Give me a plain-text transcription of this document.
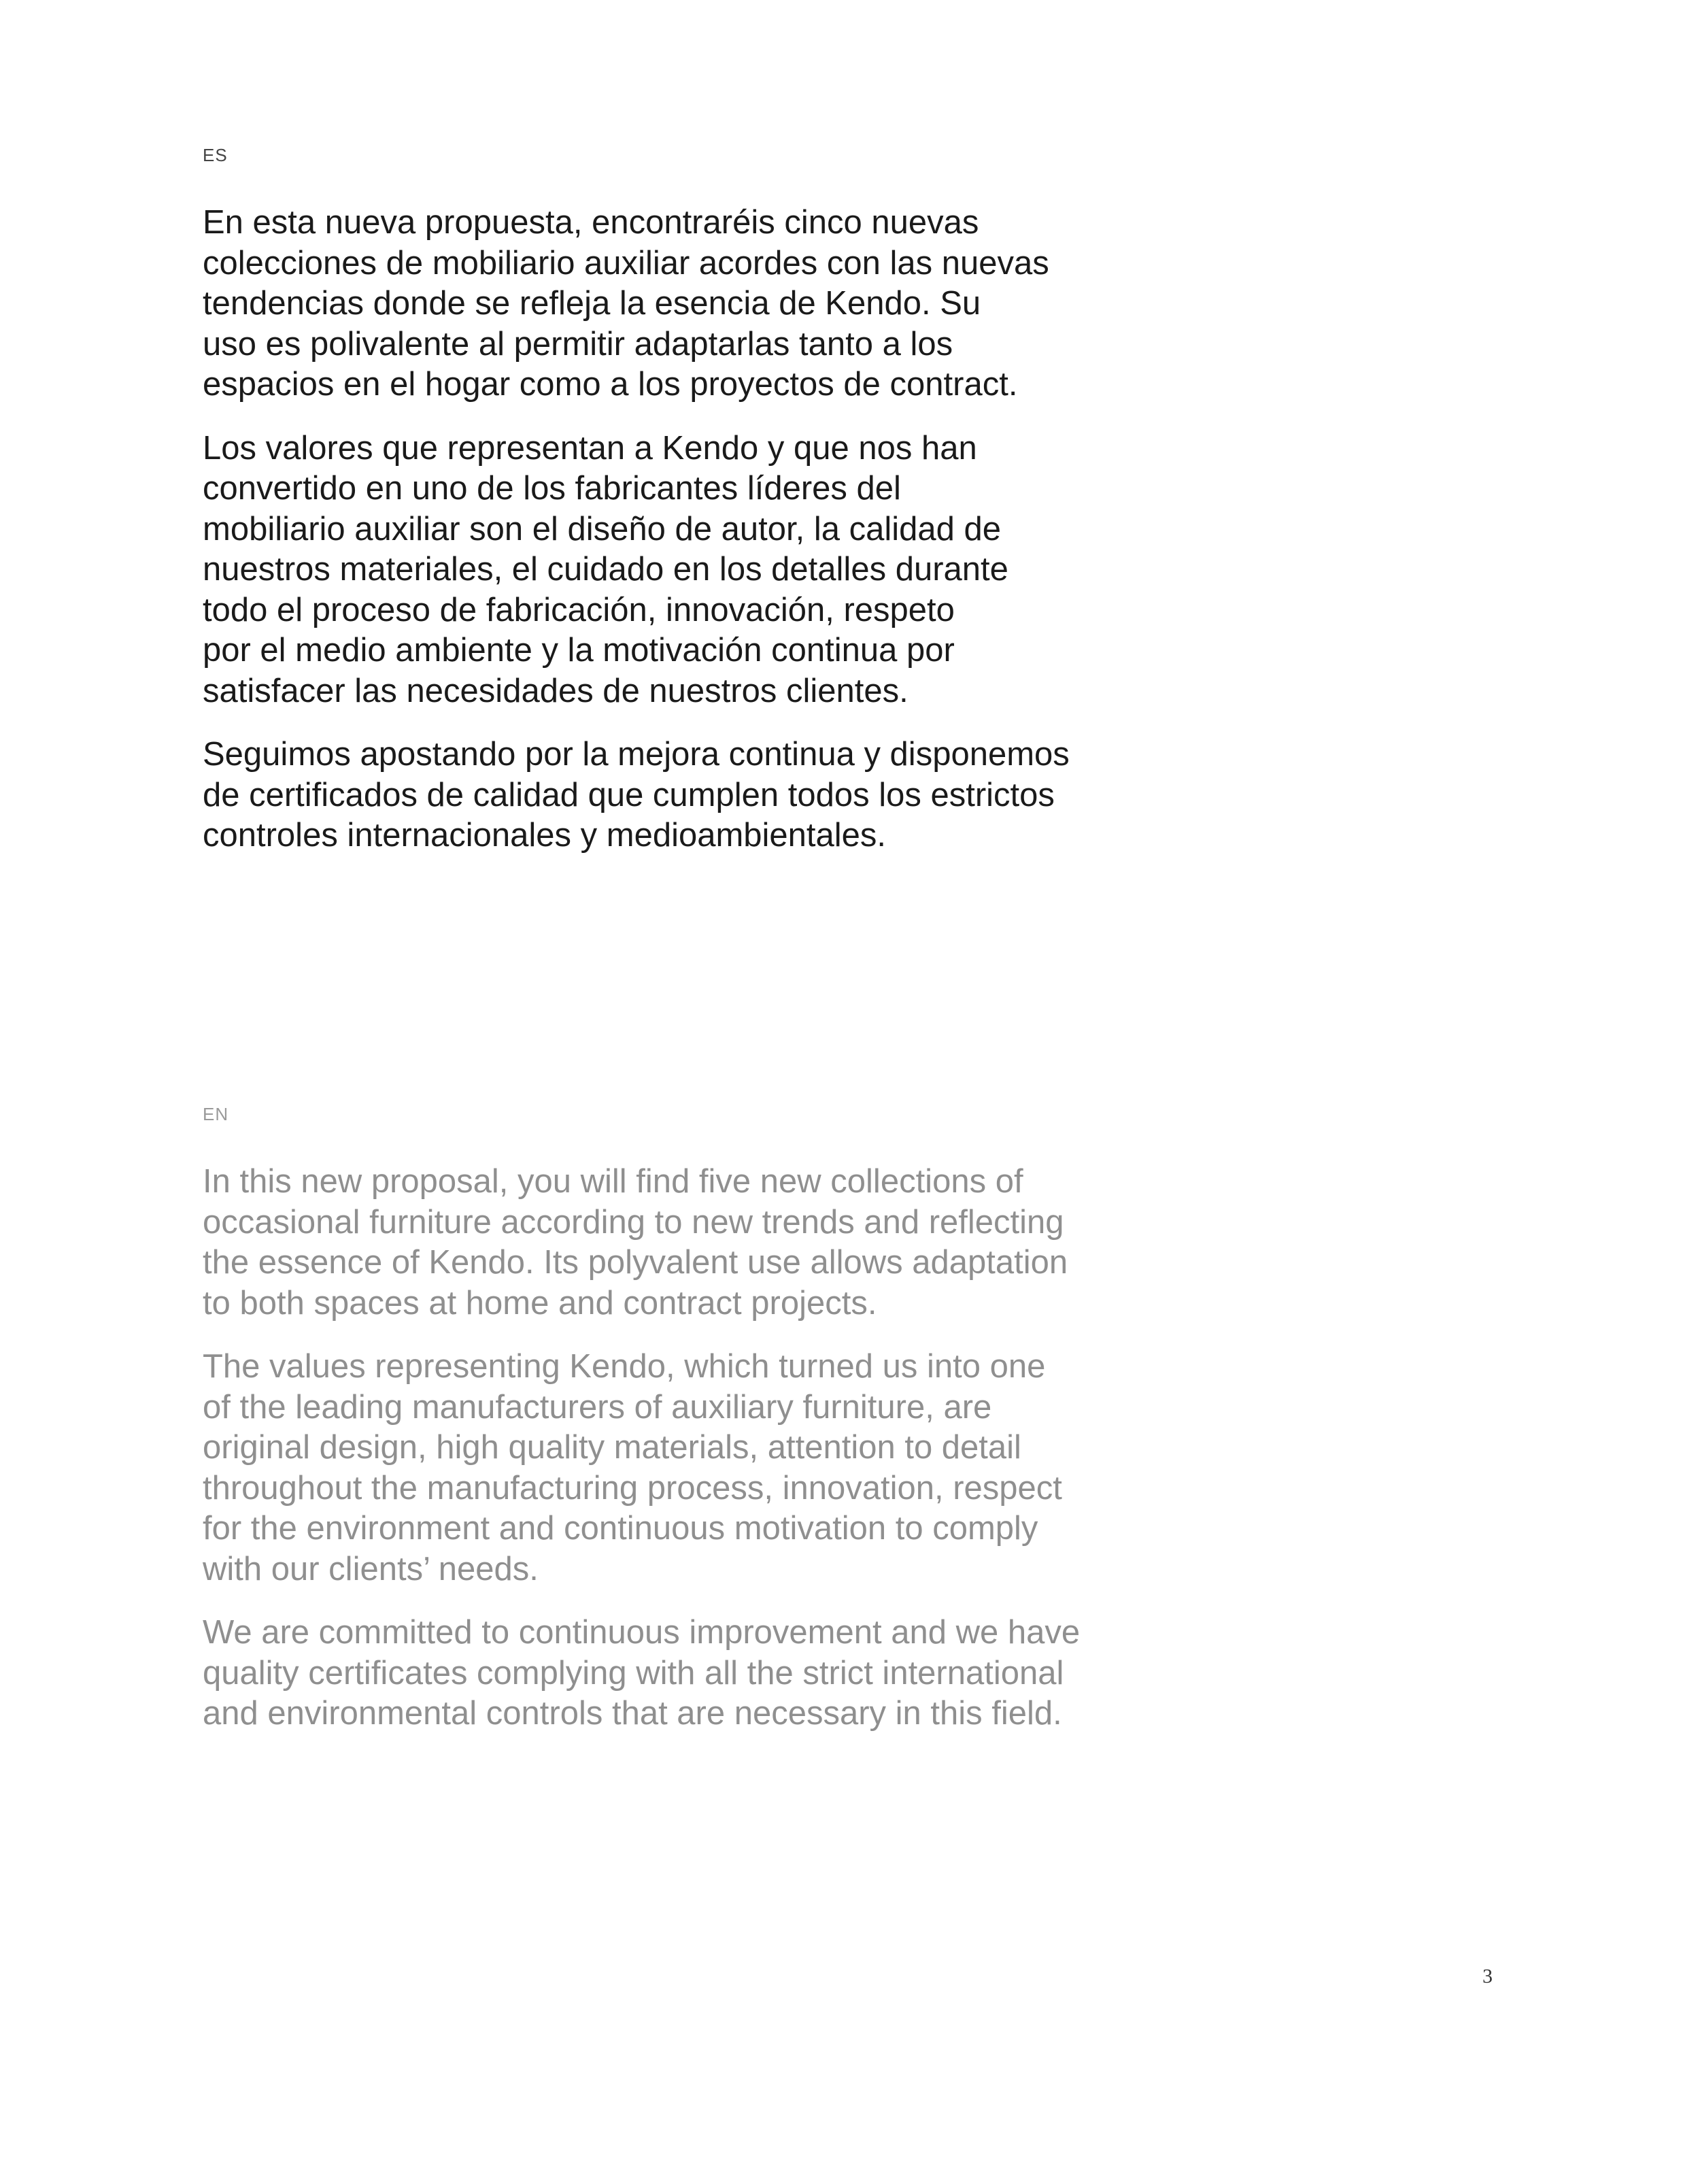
ES

En esta nueva propuesta, encontraréis cinco nuevas
colecciones de mobiliario auxiliar acordes con las nuevas
tendencias donde se refleja la esencia de Kendo. Su
uso es polivalente al permitir adaptarlas tanto a los
espacios en el hogar como a los proyectos de contract.

Los valores que representan a Kendo y que nos han
convertido en uno de los fabricantes líderes del
mobiliario auxiliar son el diseño de autor, la calidad de
nuestros materiales, el cuidado en los detalles durante
todo el proceso de fabricación, innovación, respeto
por el medio ambiente y la motivación continua por
satisfacer las necesidades de nuestros clientes.

Seguimos apostando por la mejora continua y disponemos
de certificados de calidad que cumplen todos los estrictos
controles internacionales y medioambientales.

EN

In this new proposal, you will find five new collections of
occasional furniture according to new trends and reflecting
the essence of Kendo. Its polyvalent use allows adaptation
to both spaces at home and contract projects.

The values representing Kendo, which turned us into one
of the leading manufacturers of auxiliary furniture, are
original design, high quality materials, attention to detail
throughout the manufacturing process, innovation, respect
for the environment and continuous motivation to comply
with our clients’ needs.

We are committed to continuous improvement and we have
quality certificates complying with all the strict international
and environmental controls that are necessary in this field.

3
